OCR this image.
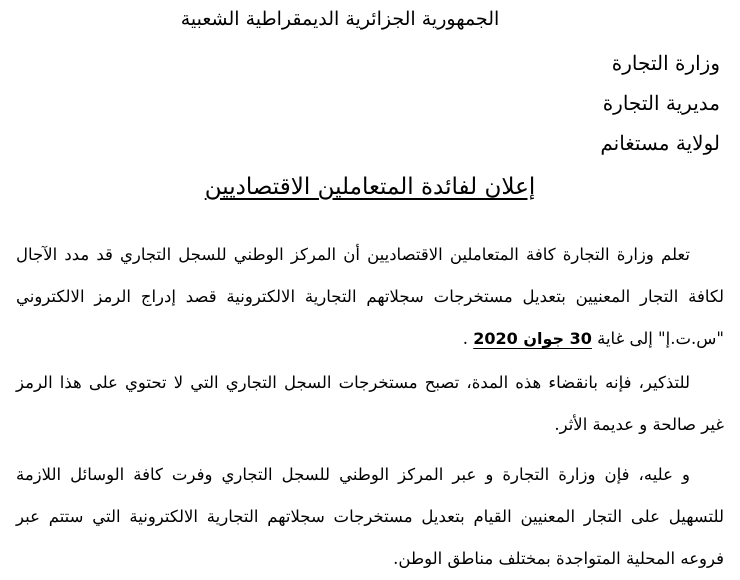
الجمهورية الجزائرية الديمقراطية الشعبية

وزارة التجارة

مديرية التجارة

لولاية مستغانم

إعلان لفائدة المتعاملين الاقتصاديين

تعلم وزارة التجارة كافة المتعاملين الاقتصاديين أن المركز الوطني للسجل التجاري قد مدد الآجال لكافة التجار المعنيين بتعديل مستخرجات سجلاتهم التجارية الالكترونية قصد إدراج الرمز الالكتروني "س.ت.إ" إلى غاية 30 جوان 2020 .

للتذكير، فإنه بانقضاء هذه المدة، تصبح مستخرجات السجل التجاري التي لا تحتوي على هذا الرمز غير صالحة و عديمة الأثر.

و عليه، فإن وزارة التجارة و عبر المركز الوطني للسجل التجاري وفرت كافة الوسائل اللازمة للتسهيل على التجار المعنيين القيام بتعديل مستخرجات سجلاتهم التجارية الالكترونية التي ستتم عبر فروعه المحلية المتواجدة بمختلف مناطق الوطن.
